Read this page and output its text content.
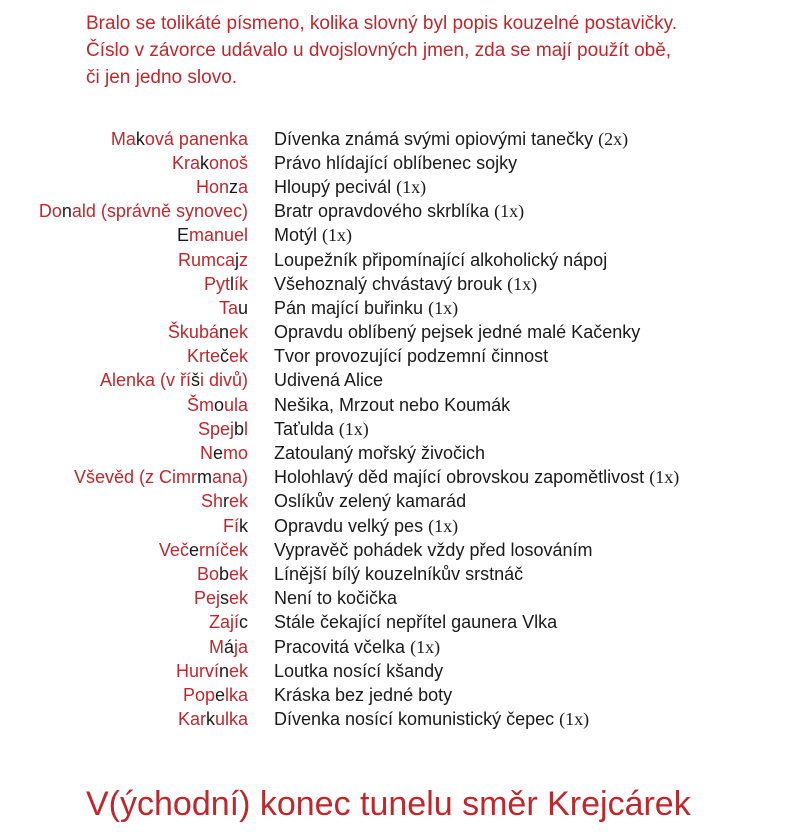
Bralo se tolikáté písmeno, kolika slovný byl popis kouzelné postavičky.

Číslo v závorce udávalo u dvojslovných jmen, zda se mají použít obě,

či jen jedno slovo.

Maková panenka Dívenka známá svými opiovými tanečky (2x)
Krakonoš Právo hlídající oblíbenec sojky
Honza Hloupý pecivál (1x)
Donald (správně synovec) Bratr opravdového skrblíka (1x)
Emanuel Motýl (1x)
Rumcajz Loupežník připomínající alkoholický nápoj
Pytlík Všehoznalý chvástavý brouk (1x)
Tau Pán mající buřinku (1x)
Škubánek Opravdu oblíbený pejsek jedné malé Kačenky
Krteček Tvor provozující podzemní činnost
Alenka (v říši divů) Udivená Alice
Šmoula Nešika, Mrzout nebo Koumák
Spejbl Taťulda (1x)
Nemo Zatoulaný mořský živočich
Vševěd (z Cimrmana) Holohlavý děd mající obrovskou zapomětlivost (1x)
Shrek Oslíkův zelený kamarád
Fík Opravdu velký pes (1x)
Večerníček Vypravěč pohádek vždy před losováním
Bobek Línější bílý kouzelníkův srstnáč
Pejsek Není to kočička
Zajíc Stále čekající nepřítel gaunera Vlka
Mája Pracovitá včelka (1x)
Hurvínek Loutka nosící kšandy
Popelka Kráska bez jedné boty
Karkulka Dívenka nosící komunistický čepec (1x)
V(ýchodní) konec tunelu směr Krejcárek
